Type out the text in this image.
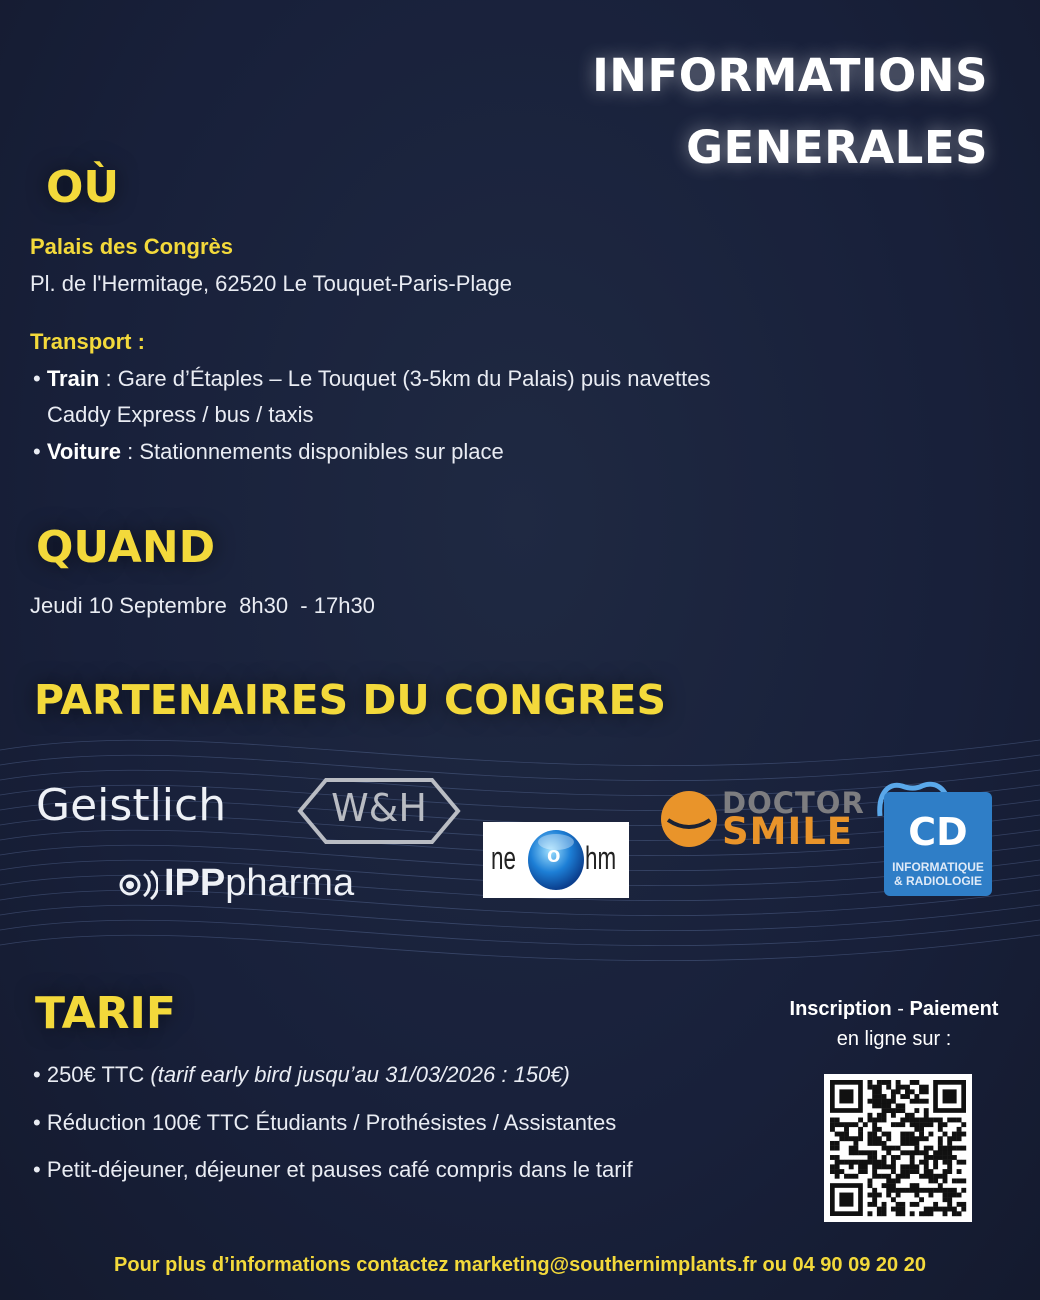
INFORMATIONS
GENERALES
OÙ
Palais des Congrès
Pl. de l'Hermitage, 62520 Le Touquet-Paris-Plage
Transport :
• Train : Gare d’Étaples – Le Touquet (3-5km du Palais) puis navettes
Caddy Express / bus / taxis
• Voiture : Stationnements disponibles sur place
QUAND
Jeudi 10 Septembre  8h30  - 17h30
PARTENAIRES DU CONGRES
Geistlich	W&H
ne o hm
IPPpharma
DOCTOR
SMILE	CD
INFORMATIQUE
& RADIOLOGIE
TARIF
• 250€ TTC (tarif early bird jusqu’au 31/03/2026 : 150€)
• Réduction 100€ TTC Étudiants / Prothésistes / Assistantes
• Petit-déjeuner, déjeuner et pauses café compris dans le tarif
Inscription - Paiement
en ligne sur :
Pour plus d’informations contactez marketing@southernimplants.fr ou 04 90 09 20 20
